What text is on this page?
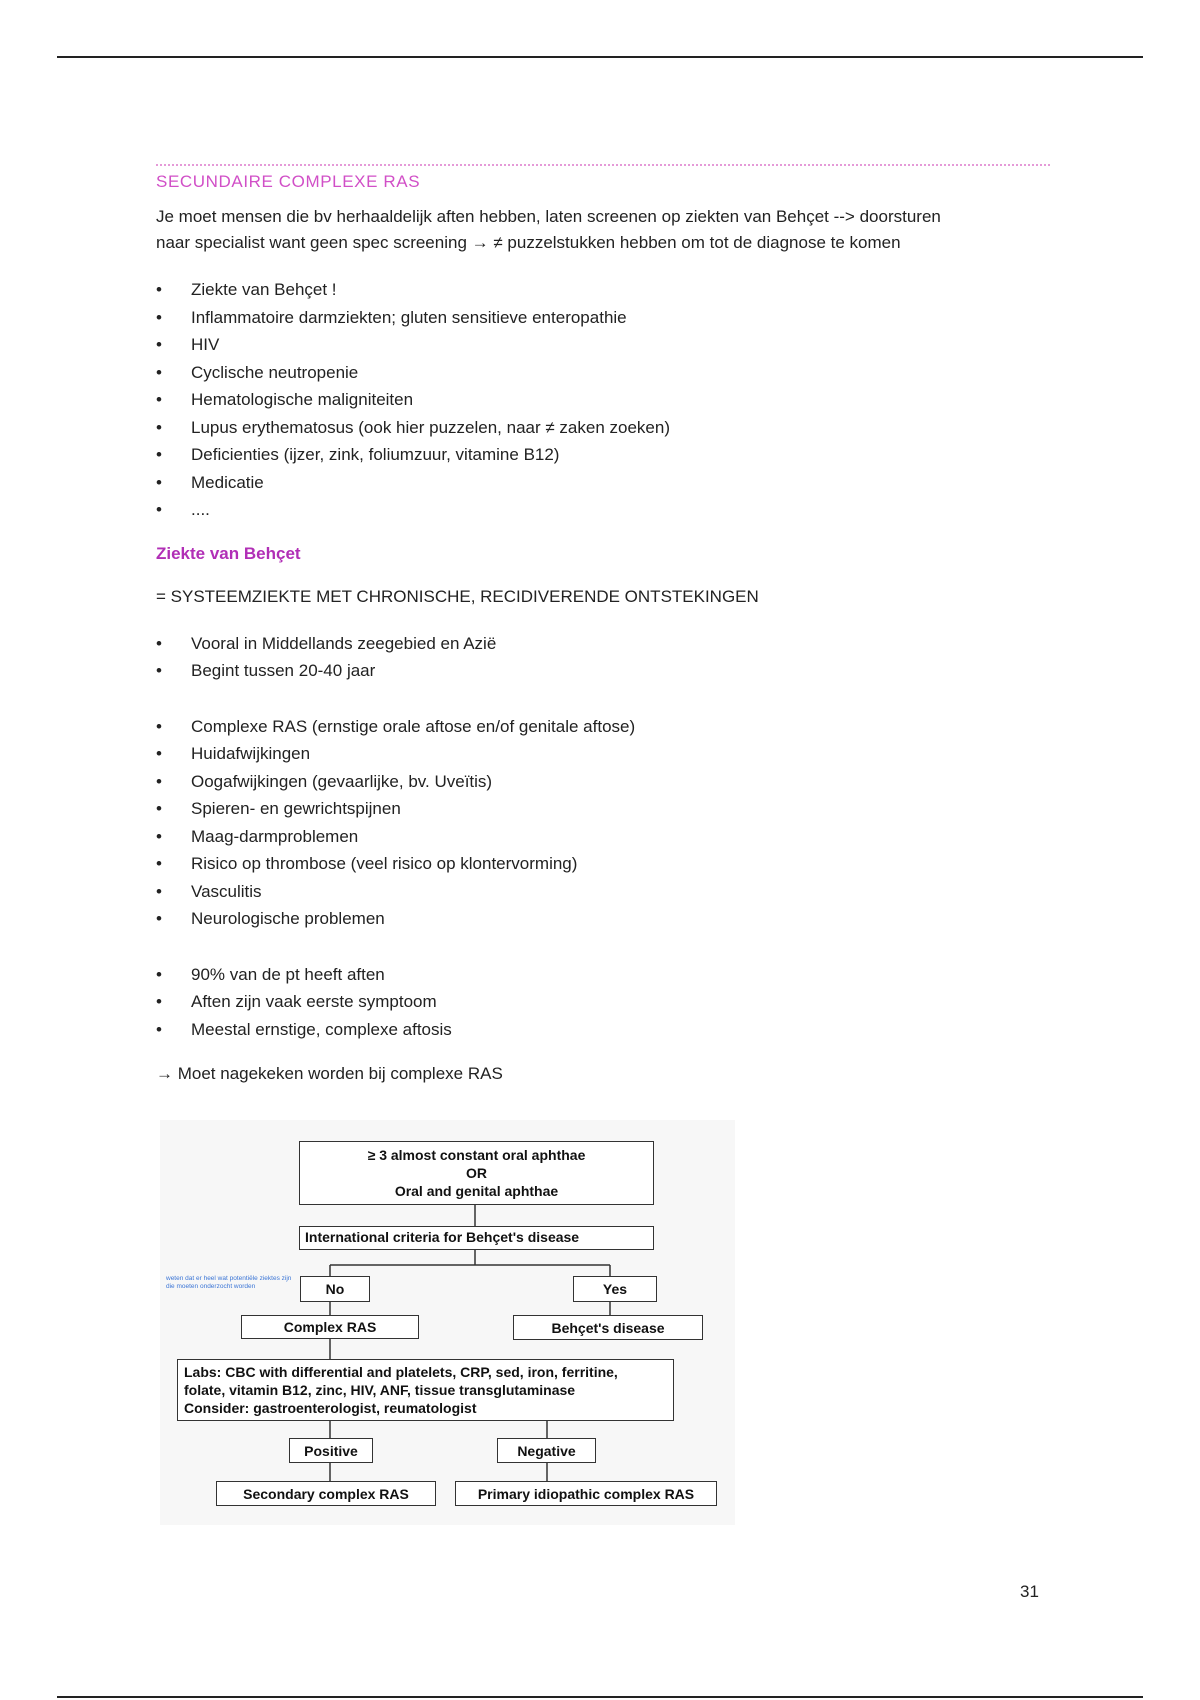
SECUNDAIRE COMPLEXE RAS

Je moet mensen die bv herhaaldelijk aften hebben, laten screenen op ziekten van Behçet --> doorsturen

naar specialist want geen spec screening → ≠ puzzelstukken hebben om tot de diagnose te komen

• Ziekte van Behçet !
• Inflammatoire darmziekten; gluten sensitieve enteropathie
• HIV
• Cyclische neutropenie
• Hematologische maligniteiten
• Lupus erythematosus (ook hier puzzelen, naar ≠ zaken zoeken)
• Deficienties (ijzer, zink, foliumzuur, vitamine B12)
• Medicatie
• ....
Ziekte van Behçet

= SYSTEEMZIEKTE MET CHRONISCHE, RECIDIVERENDE ONTSTEKINGEN

• Vooral in Middellands zeegebied en Azië
• Begint tussen 20-40 jaar
• Complexe RAS (ernstige orale aftose en/of genitale aftose)
• Huidafwijkingen
• Oogafwijkingen (gevaarlijke, bv. Uveïtis)
• Spieren- en gewrichtspijnen
• Maag-darmproblemen
• Risico op thrombose (veel risico op klontervorming)
• Vasculitis
• Neurologische problemen
• 90% van de pt heeft aften
• Aften zijn vaak eerste symptoom
• Meestal ernstige, complexe aftosis

→ Moet nagekeken worden bij complexe RAS

≥ 3 almost constant oral aphthae
OR
Oral and genital aphthae
International criteria for Behçet's disease
weten dat er heel wat potentiële ziektes zijn die moeten onderzocht worden	No	Yes
Complex RAS	Behçet's disease
Labs: CBC with differential and platelets, CRP, sed, iron, ferritine,
folate, vitamin B12, zinc, HIV, ANF, tissue transglutaminase
Consider: gastroenterologist, reumatologist
Positive	Negative
Secondary complex RAS	Primary idiopathic complex RAS
31
